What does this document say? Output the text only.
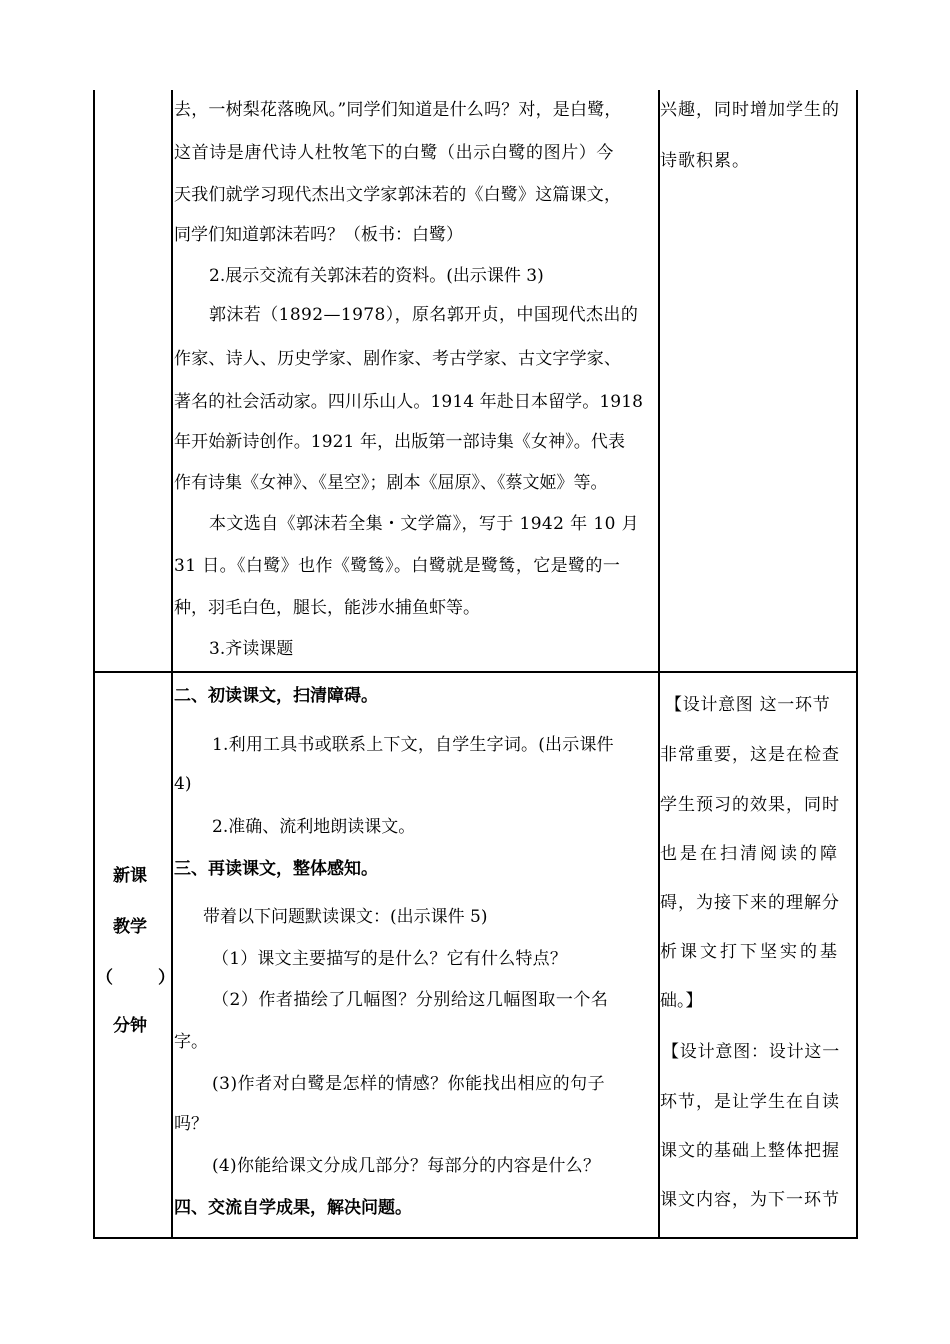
去，一树梨花落晚风。”同学们知道是什么吗？对，是白鹭，
这首诗是唐代诗人杜牧笔下的白鹭（出示白鹭的图片）今
天我们就学习现代杰出文学家郭沫若的《白鹭》这篇课文，
同学们知道郭沫若吗？（板书：白鹭）
2.展示交流有关郭沫若的资料。(出示课件 3)
郭沫若（1892—1978），原名郭开贞，中国现代杰出的
作家、诗人、历史学家、剧作家、考古学家、古文字学家、
著名的社会活动家。四川乐山人。1914 年赴日本留学。1918
年开始新诗创作。1921 年，出版第一部诗集《女神》。代表
作有诗集《女神》、《星空》；剧本《屈原》、《蔡文姬》等。
本文选自《郭沫若全集・文学篇》，写于 1942 年 10 月
31 日。《白鹭》也作《鹭鸶》。白鹭就是鹭鸶，它是鹭的一
种，羽毛白色，腿长，能涉水捕鱼虾等。
3.齐读课题
兴趣，同时增加学生的
诗歌积累。
新课
教学
（	）
分钟
二、初读课文，扫清障碍。
1.利用工具书或联系上下文，自学生字词。(出示课件
4)
2.准确、流利地朗读课文。
三、再读课文，整体感知。
带着以下问题默读课文：(出示课件 5)
（1）课文主要描写的是什么？它有什么特点？
（2）作者描绘了几幅图？分别给这几幅图取一个名
字。
(3)作者对白鹭是怎样的情感？你能找出相应的句子
吗？
(4)你能给课文分成几部分？每部分的内容是什么？
四、交流自学成果，解决问题。
【设计意图 这一环节
非常重要，这是在检查
学生预习的效果，同时
也是在扫清阅读的障
碍，为接下来的理解分
析课文打下坚实的基
础。】
【设计意图：设计这一
环节，是让学生在自读
课文的基础上整体把握
课文内容，为下一环节
